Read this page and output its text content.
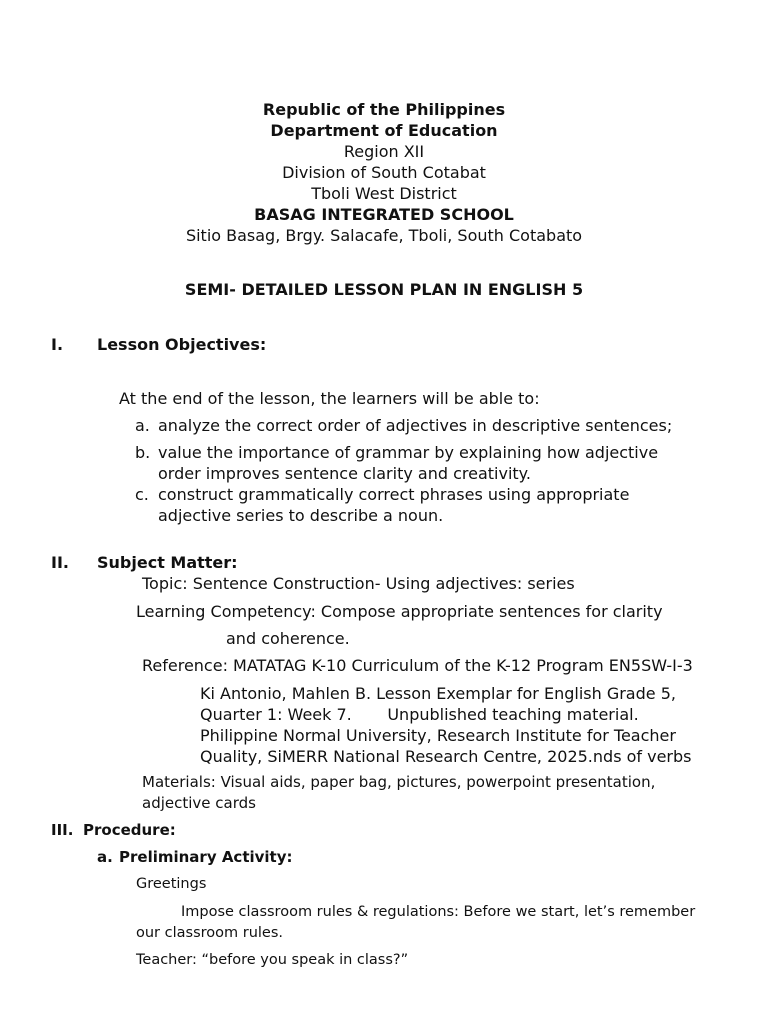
Republic of the Philippines
Department of Education
Region XII
Division of South Cotabat
Tboli West District
BASAG INTEGRATED SCHOOL
Sitio Basag, Brgy. Salacafe, Tboli, South Cotabato
SEMI- DETAILED LESSON PLAN IN ENGLISH 5
I. Lesson Objectives:
At the end of the lesson, the learners will be able to:
a. analyze the correct order of adjectives in descriptive sentences;
b. value the importance of grammar by explaining how adjective
order improves sentence clarity and creativity.
c. construct grammatically correct phrases using appropriate
adjective series to describe a noun.
II. Subject Matter:
Topic: Sentence Construction- Using adjectives: series
Learning Competency: Compose appropriate sentences for clarity
and coherence.
Reference: MATATAG K-10 Curriculum of the K-12 Program EN5SW-I-3
Ki Antonio, Mahlen B. Lesson Exemplar for English Grade 5,
Quarter 1: Week 7.       Unpublished teaching material.
Philippine Normal University, Research Institute for Teacher
Quality, SiMERR National Research Centre, 2025.nds of verbs
Materials: Visual aids, paper bag, pictures, powerpoint presentation,
adjective cards
III. Procedure:
a. Preliminary Activity:
Greetings
Impose classroom rules & regulations: Before we start, let’s remember
our classroom rules.
Teacher: “before you speak in class?”
